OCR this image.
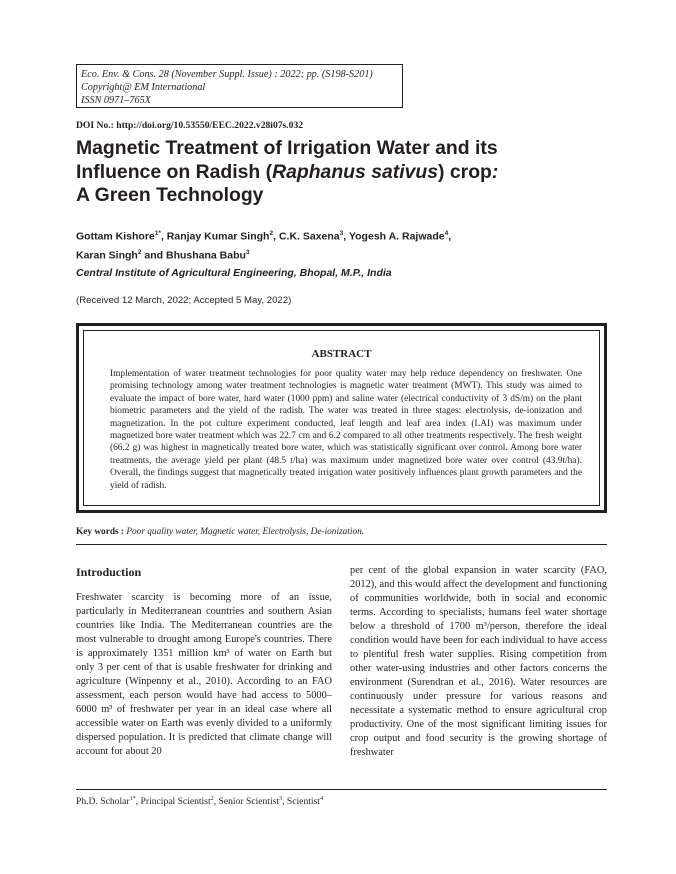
Eco. Env. & Cons. 28 (November Suppl. Issue) : 2022; pp. (S198-S201)
Copyright@ EM International
ISSN 0971–765X
DOI No.: http://doi.org/10.53550/EEC.2022.v28i07s.032
Magnetic Treatment of Irrigation Water and its
Influence on Radish (Raphanus sativus) crop:
A Green Technology
Gottam Kishore$^{1*}$, Ranjay Kumar Singh$^2$, C.K. Saxena$^3$, Yogesh A. Rajwade$^4$,
Karan Singh$^2$ and Bhushana Babu$^3$
Central Institute of Agricultural Engineering, Bhopal, M.P., India
(Received 12 March, 2022; Accepted 5 May, 2022)
ABSTRACT
Implementation of water treatment technologies for poor quality water may help reduce dependency on freshwater. One promising technology among water treatment technologies is magnetic water treatment (MWT). This study was aimed to evaluate the impact of bore water, hard water (1000 ppm) and saline water (electrical conductivity of 3 dS/m) on the plant biometric parameters and the yield of the radish. The water was treated in three stages: electrolysis, de-ionization and magnetization. In the pot culture experiment conducted, leaf length and leaf area index (LAI) was maximum under magnetized bore water treatment which was 22.7 cm and 6.2 compared to all other treatments respectively. The fresh weight (66.2 g) was highest in magnetically treated bore water, which was statistically significant over control. Among bore water treatments, the average yield per plant (48.5 t/ha) was maximum under magnetized bore water over control (43.9t/ha). Overall, the findings suggest that magnetically treated irrigation water positively influences plant growth parameters and the yield of radish.
Key words : Poor quality water, Magnetic water, Electrolysis, De-ionization.
Introduction
Freshwater scarcity is becoming more of an issue, particularly in Mediterranean countries and southern Asian countries like India. The Mediterranean countries are the most vulnerable to drought among Europe's countries. There is approximately 1351 million km³ of water on Earth but only 3 per cent of that is usable freshwater for drinking and agriculture (Winpenny et al., 2010). According to an FAO assessment, each person would have had access to 5000–6000 m³ of freshwater per year in an ideal case where all accessible water on Earth was evenly divided to a uniformly dispersed population. It is predicted that climate change will account for about 20
per cent of the global expansion in water scarcity (FAO, 2012), and this would affect the development and functioning of communities worldwide, both in social and economic terms. According to specialists, humans feel water shortage below a threshold of 1700 m³/person, therefore the ideal condition would have been for each individual to have access to plentiful fresh water supplies. Rising competition from other water-using industries and other factors concerns the environment (Surendran et al., 2016). Water resources are continuously under pressure for various reasons and necessitate a systematic method to ensure agricultural crop productivity. One of the most significant limiting issues for crop output and food security is the growing shortage of freshwater
Ph.D. Scholar$^{1*}$, Principal Scientist$^2$, Senior Scientist$^3$, Scientist$^4$
